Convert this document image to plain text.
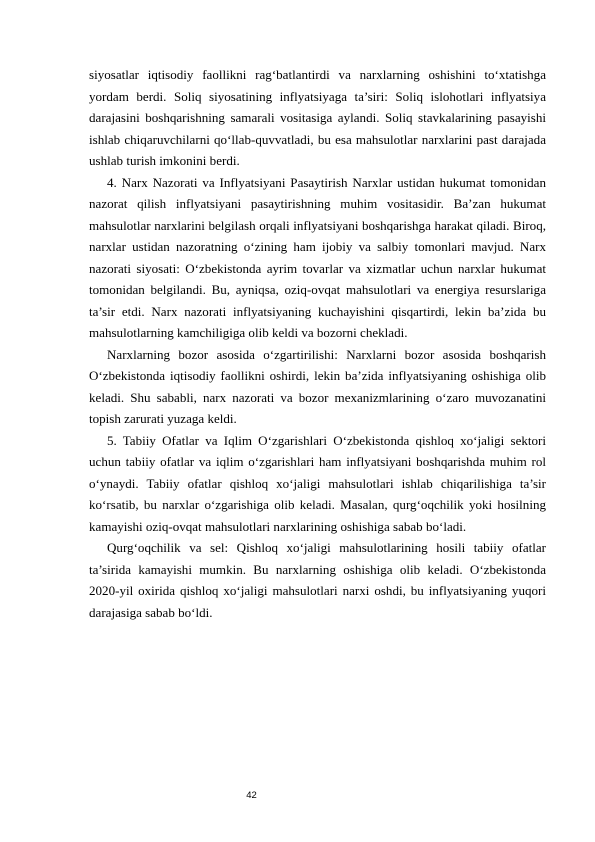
siyosatlar iqtisodiy faollikni rag‘batlantirdi va narxlarning oshishini to‘xtatishga yordam berdi. Soliq siyosatining inflyatsiyaga ta’siri: Soliq islohotlari inflyatsiya darajasini boshqarishning samarali vositasiga aylandi. Soliq stavkalarining pasayishi ishlab chiqaruvchilarni qo‘llab-quvvatladi, bu esa mahsulotlar narxlarini past darajada ushlab turish imkonini berdi.

4. Narx Nazorati va Inflyatsiyani Pasaytirish Narxlar ustidan hukumat tomonidan nazorat qilish inflyatsiyani pasaytirishning muhim vositasidir. Ba’zan hukumat mahsulotlar narxlarini belgilash orqali inflyatsiyani boshqarishga harakat qiladi. Biroq, narxlar ustidan nazoratning o‘zining ham ijobiy va salbiy tomonlari mavjud. Narx nazorati siyosati: O‘zbekistonda ayrim tovarlar va xizmatlar uchun narxlar hukumat tomonidan belgilandi. Bu, ayniqsa, oziq-ovqat mahsulotlari va energiya resurslariga ta’sir etdi. Narx nazorati inflyatsiyaning kuchayishini qisqartirdi, lekin ba’zida bu mahsulotlarning kamchiligiga olib keldi va bozorni chekladi.

Narxlarning bozor asosida o‘zgartirilishi: Narxlarni bozor asosida boshqarish O‘zbekistonda iqtisodiy faollikni oshirdi, lekin ba’zida inflyatsiyaning oshishiga olib keladi. Shu sababli, narx nazorati va bozor mexanizmlarining o‘zaro muvozanatini topish zarurati yuzaga keldi.

5. Tabiiy Ofatlar va Iqlim O‘zgarishlari O‘zbekistonda qishloq xo‘jaligi sektori uchun tabiiy ofatlar va iqlim o‘zgarishlari ham inflyatsiyani boshqarishda muhim rol o‘ynaydi. Tabiiy ofatlar qishloq xo‘jaligi mahsulotlari ishlab chiqarilishiga ta’sir ko‘rsatib, bu narxlar o‘zgarishiga olib keladi. Masalan, qurg‘oqchilik yoki hosilning kamayishi oziq-ovqat mahsulotlari narxlarining oshishiga sabab bo‘ladi.

Qurg‘oqchilik va sel: Qishloq xo‘jaligi mahsulotlarining hosili tabiiy ofatlar ta’sirida kamayishi mumkin. Bu narxlarning oshishiga olib keladi. O‘zbekistonda 2020-yil oxirida qishloq xo‘jaligi mahsulotlari narxi oshdi, bu inflyatsiyaning yuqori darajasiga sabab bo‘ldi.

42
